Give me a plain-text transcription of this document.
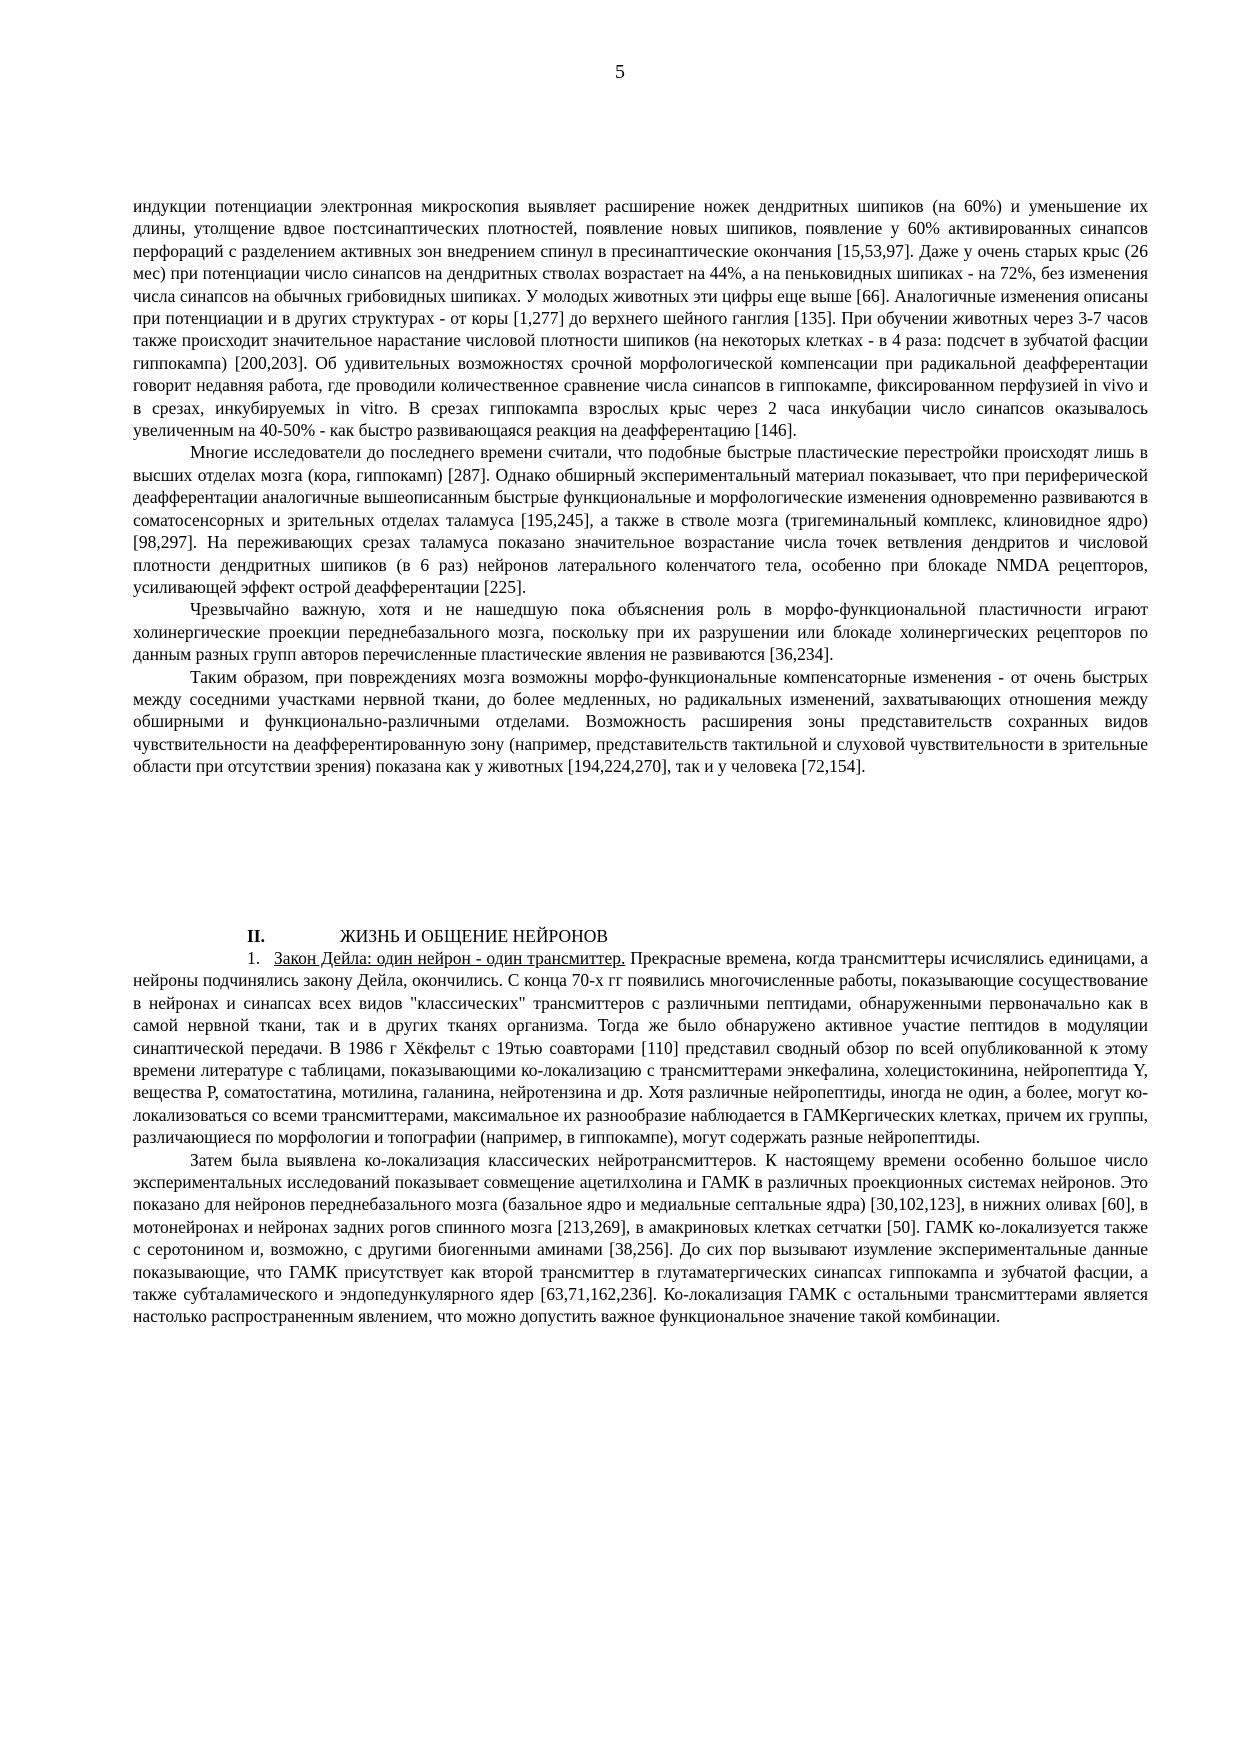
5

индукции потенциации электронная микроскопия выявляет расширение ножек дендритных шипиков (на 60%) и уменьшение их длины, утолщение вдвое постсинаптических плотностей, появление новых шипиков, появление у 60% активированных синапсов перфораций с разделением активных зон внедрением спинул в пресинаптические окончания [15,53,97]. Даже у очень старых крыс (26 мес) при потенциации число синапсов на дендритных стволах возрастает на 44%, а на пеньковидных шипиках - на 72%, без изменения числа синапсов на обычных грибовидных шипиках. У молодых животных эти цифры еще выше [66]. Аналогичные изменения описаны при потенциации и в других структурах - от коры [1,277] до верхнего шейного ганглия [135]. При обучении животных через 3-7 часов также происходит значительное нарастание числовой плотности шипиков (на некоторых клетках - в 4 раза: подсчет в зубчатой фасции гиппокампа) [200,203]. Об удивительных возможностях срочной морфологической компенсации при радикальной деафферентации говорит недавняя работа, где проводили количественное сравнение числа синапсов в гиппокампе, фиксированном перфузией in vivo и в срезах, инкубируемых in vitro. В срезах гиппокампа взрослых крыс через 2 часа инкубации число синапсов оказывалось увеличенным на 40-50% - как быстро развивающаяся реакция на деафферентацию [146].

Многие исследователи до последнего времени считали, что подобные быстрые пластические перестройки происходят лишь в высших отделах мозга (кора, гиппокамп) [287]. Однако обширный экспериментальный материал показывает, что при периферической деафферентации аналогичные вышеописанным быстрые функциональные и морфологические изменения одновременно развиваются в соматосенсорных и зрительных отделах таламуса [195,245], а также в стволе мозга (тригеминальный комплекс, клиновидное ядро) [98,297]. На переживающих срезах таламуса показано значительное возрастание числа точек ветвления дендритов и числовой плотности дендритных шипиков (в 6 раз) нейронов латерального коленчатого тела, особенно при блокаде NMDA рецепторов, усиливающей эффект острой деафферентации [225].

Чрезвычайно важную, хотя и не нашедшую пока объяснения роль в морфо-функциональной пластичности играют холинергические проекции переднебазального мозга, поскольку при их разрушении или блокаде холинергических рецепторов по данным разных групп авторов перечисленные пластические явления не развиваются [36,234].

Таким образом, при повреждениях мозга возможны морфо-функциональные компенсаторные изменения - от очень быстрых между соседними участками нервной ткани, до более медленных, но радикальных изменений, захватывающих отношения между обширными и функционально-различными отделами. Возможность расширения зоны представительств сохранных видов чувствительности на деафферентированную зону (например, представительств тактильной и слуховой чувствительности в зрительные области при отсутствии зрения) показана как у животных [194,224,270], так и у человека [72,154].

II.	ЖИЗНЬ И ОБЩЕНИЕ НЕЙРОНОВ

1. Закон Дейла: один нейрон - один трансмиттер. Прекрасные времена, когда трансмиттеры исчислялись единицами, а нейроны подчинялись закону Дейла, окончились. С конца 70-х гг появились многочисленные работы, показывающие сосуществование в нейронах и синапсах всех видов "классических" трансмиттеров с различными пептидами, обнаруженными первоначально как в самой нервной ткани, так и в других тканях организма. Тогда же было обнаружено активное участие пептидов в модуляции синаптической передачи. В 1986 г Хёкфельт с 19тью соавторами [110] представил сводный обзор по всей опубликованной к этому времени литературе с таблицами, показывающими ко-локализацию с трансмиттерами энкефалина, холецистокинина, нейропептида Y, вещества P, соматостатина, мотилина, галанина, нейротензина и др. Хотя различные нейропептиды, иногда не один, а более, могут ко-локализоваться со всеми трансмиттерами, максимальное их разнообразие наблюдается в ГАМКергических клетках, причем их группы, различающиеся по морфологии и топографии (например, в гиппокампе), могут содержать разные нейропептиды.

Затем была выявлена ко-локализация классических нейротрансмиттеров. К настоящему времени особенно большое число экспериментальных исследований показывает совмещение ацетилхолина и ГАМК в различных проекционных системах нейронов. Это показано для нейронов переднебазального мозга (базальное ядро и медиальные септальные ядра) [30,102,123], в нижних оливах [60], в мотонейронах и нейронах задних рогов спинного мозга [213,269], в амакриновых клетках сетчатки [50]. ГАМК ко-локализуется также с серотонином и, возможно, с другими биогенными аминами [38,256]. До сих пор вызывают изумление экспериментальные данные показывающие, что ГАМК присутствует как второй трансмиттер в глутаматергических синапсах гиппокампа и зубчатой фасции, а также субталамического и эндопедункулярного ядер [63,71,162,236]. Ко-локализация ГАМК с остальными трансмиттерами является настолько распространенным явлением, что можно допустить важное функциональное значение такой комбинации.
